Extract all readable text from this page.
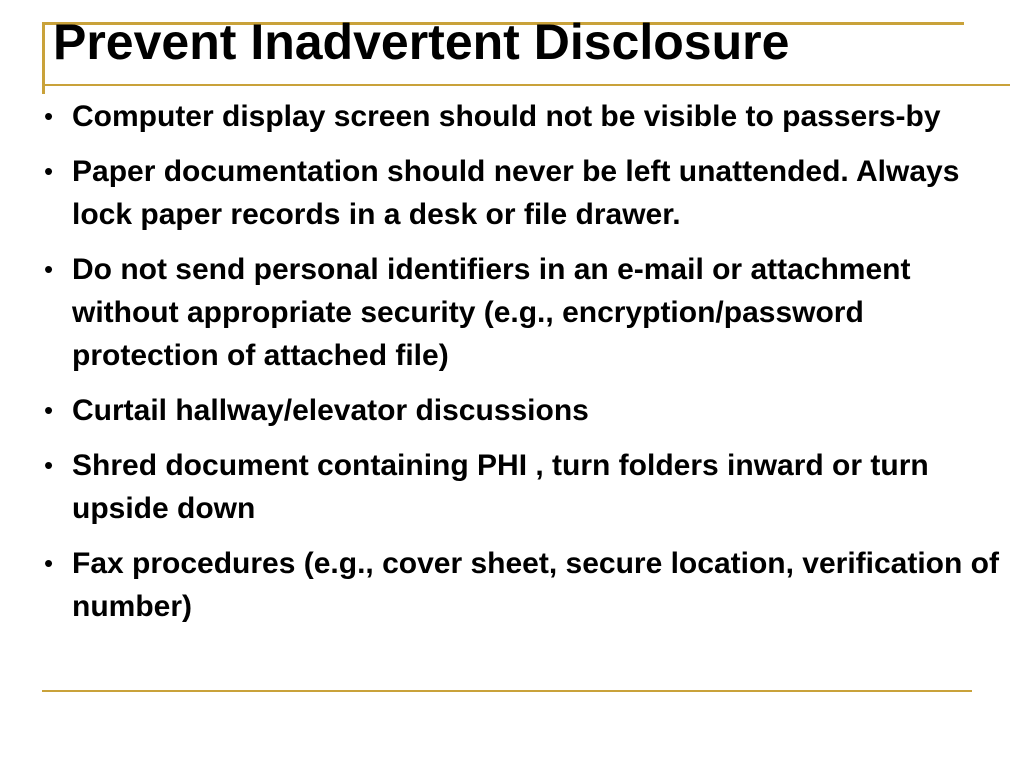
Prevent Inadvertent Disclosure
• Computer display screen should not be visible to passers-by
• Paper documentation should never be left unattended. Always lock paper records in a desk or file drawer.
• Do not send personal identifiers in an e-mail or attachment without appropriate security (e.g., encryption/password protection of attached file)
• Curtail hallway/elevator discussions
• Shred document containing PHI , turn folders inward or turn upside down
• Fax procedures (e.g., cover sheet, secure location, verification of number)
